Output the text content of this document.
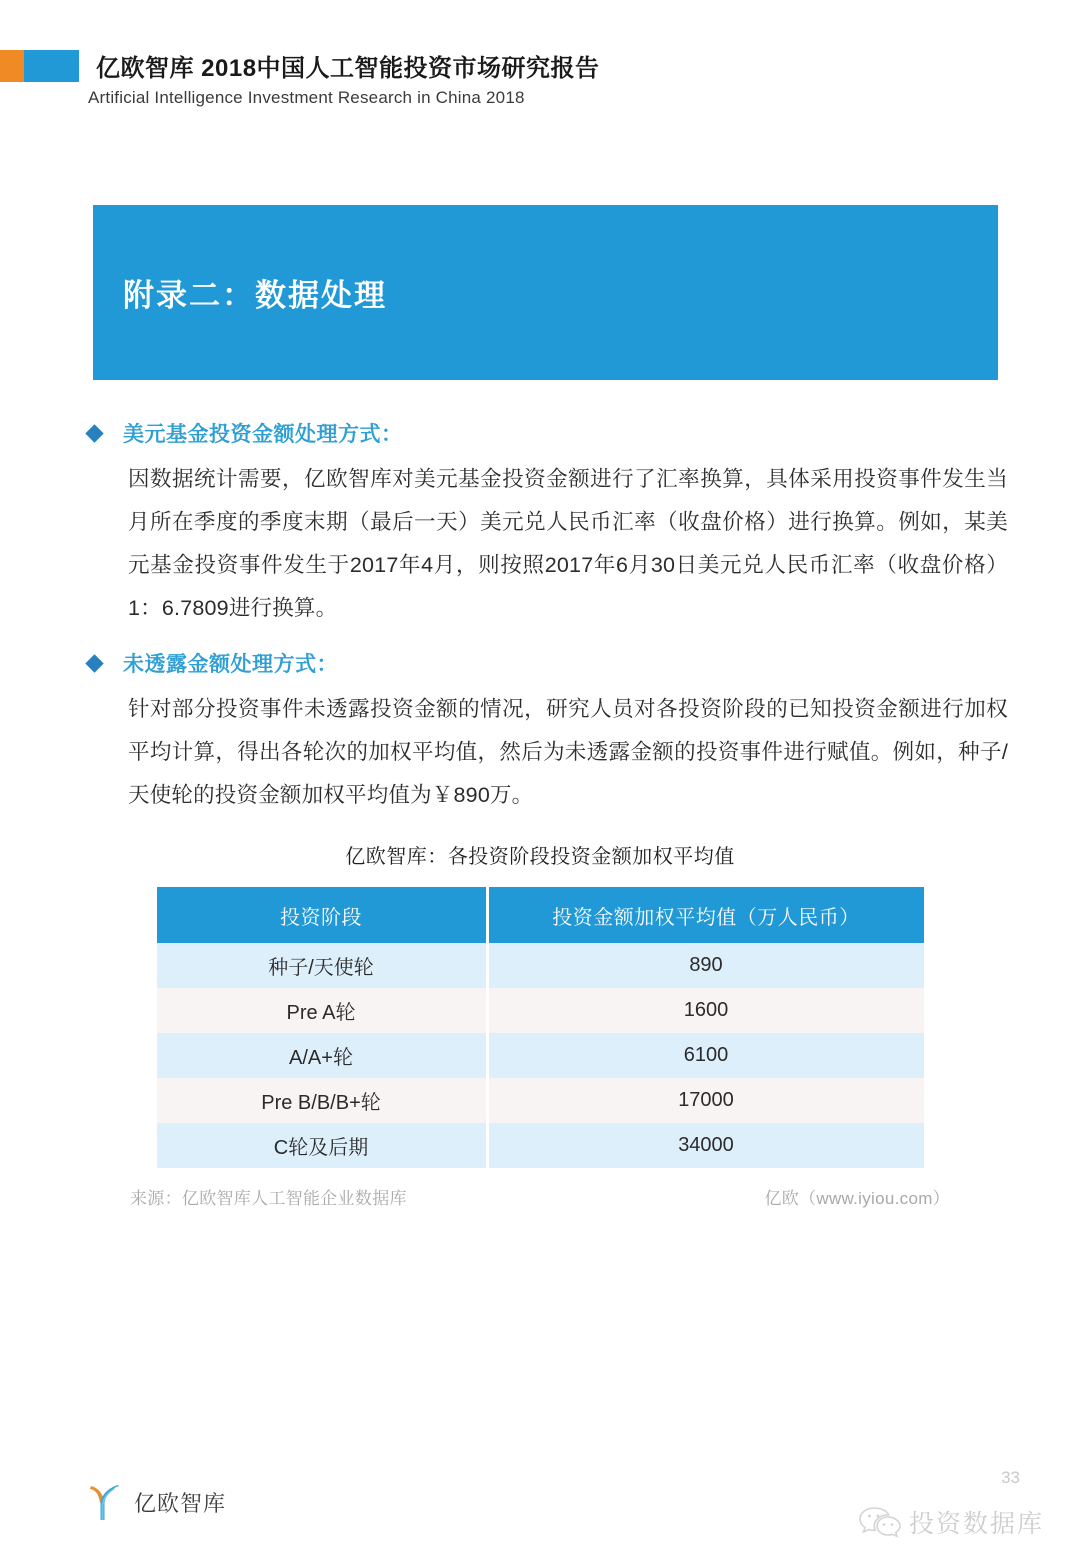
亿欧智库 2018中国人工智能投资市场研究报告
Artificial Intelligence Investment Research in China 2018
附录二：数据处理
美元基金投资金额处理方式：
因数据统计需要，亿欧智库对美元基金投资金额进行了汇率换算，具体采用投资事件发生当月所在季度的季度末期（最后一天）美元兑人民币汇率（收盘价格）进行换算。例如，某美元基金投资事件发生于2017年4月，则按照2017年6月30日美元兑人民币汇率（收盘价格）1：6.7809进行换算。
未透露金额处理方式：
针对部分投资事件未透露投资金额的情况，研究人员对各投资阶段的已知投资金额进行加权平均计算，得出各轮次的加权平均值，然后为未透露金额的投资事件进行赋值。例如，种子/天使轮的投资金额加权平均值为￥890万。
亿欧智库：各投资阶段投资金额加权平均值
投资阶段	投资金额加权平均值（万人民币）
种子/天使轮	890
Pre A轮	1600
A/A+轮	6100
Pre B/B/B+轮	17000
C轮及后期	34000
来源：亿欧智库人工智能企业数据库	亿欧（www.iyiou.com）
亿欧智库
33
投资数据库
